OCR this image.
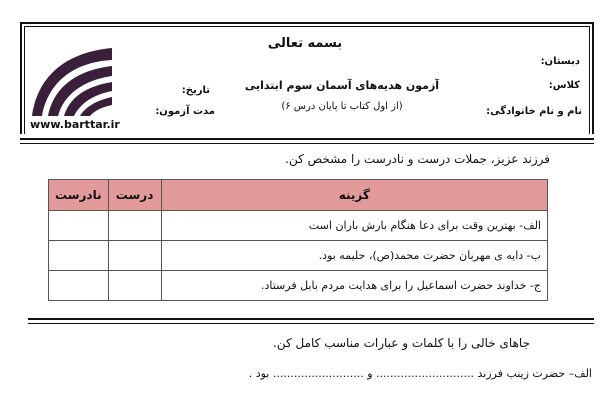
بسمه تعالی
دبستان:
آزمون هدیه‌های آسمان سوم ابتدایی	کلاس:
تاریخ:
(از اول کتاب تا پایان درس ۶)
مدت آزمون:	نام و نام خانوادگی:
www.barttar.ir
فرزند عزیز، جملات درست و نادرست را مشخص کن.
نادرست	درست	گزینه
		الف- بهترین وقت برای دعا هنگام بارش باران است
		ب- دایه ی مهربان حضرت محمد(ص)، حلیمه بود.
		ج- خداوند حضرت اسماعیل را برای هدایت مردم بابل فرستاد.
جاهای خالی را با کلمات و عبارات مناسب کامل کن.
الف– حضرت زینب فرزند ............................ و .......................... بود .
